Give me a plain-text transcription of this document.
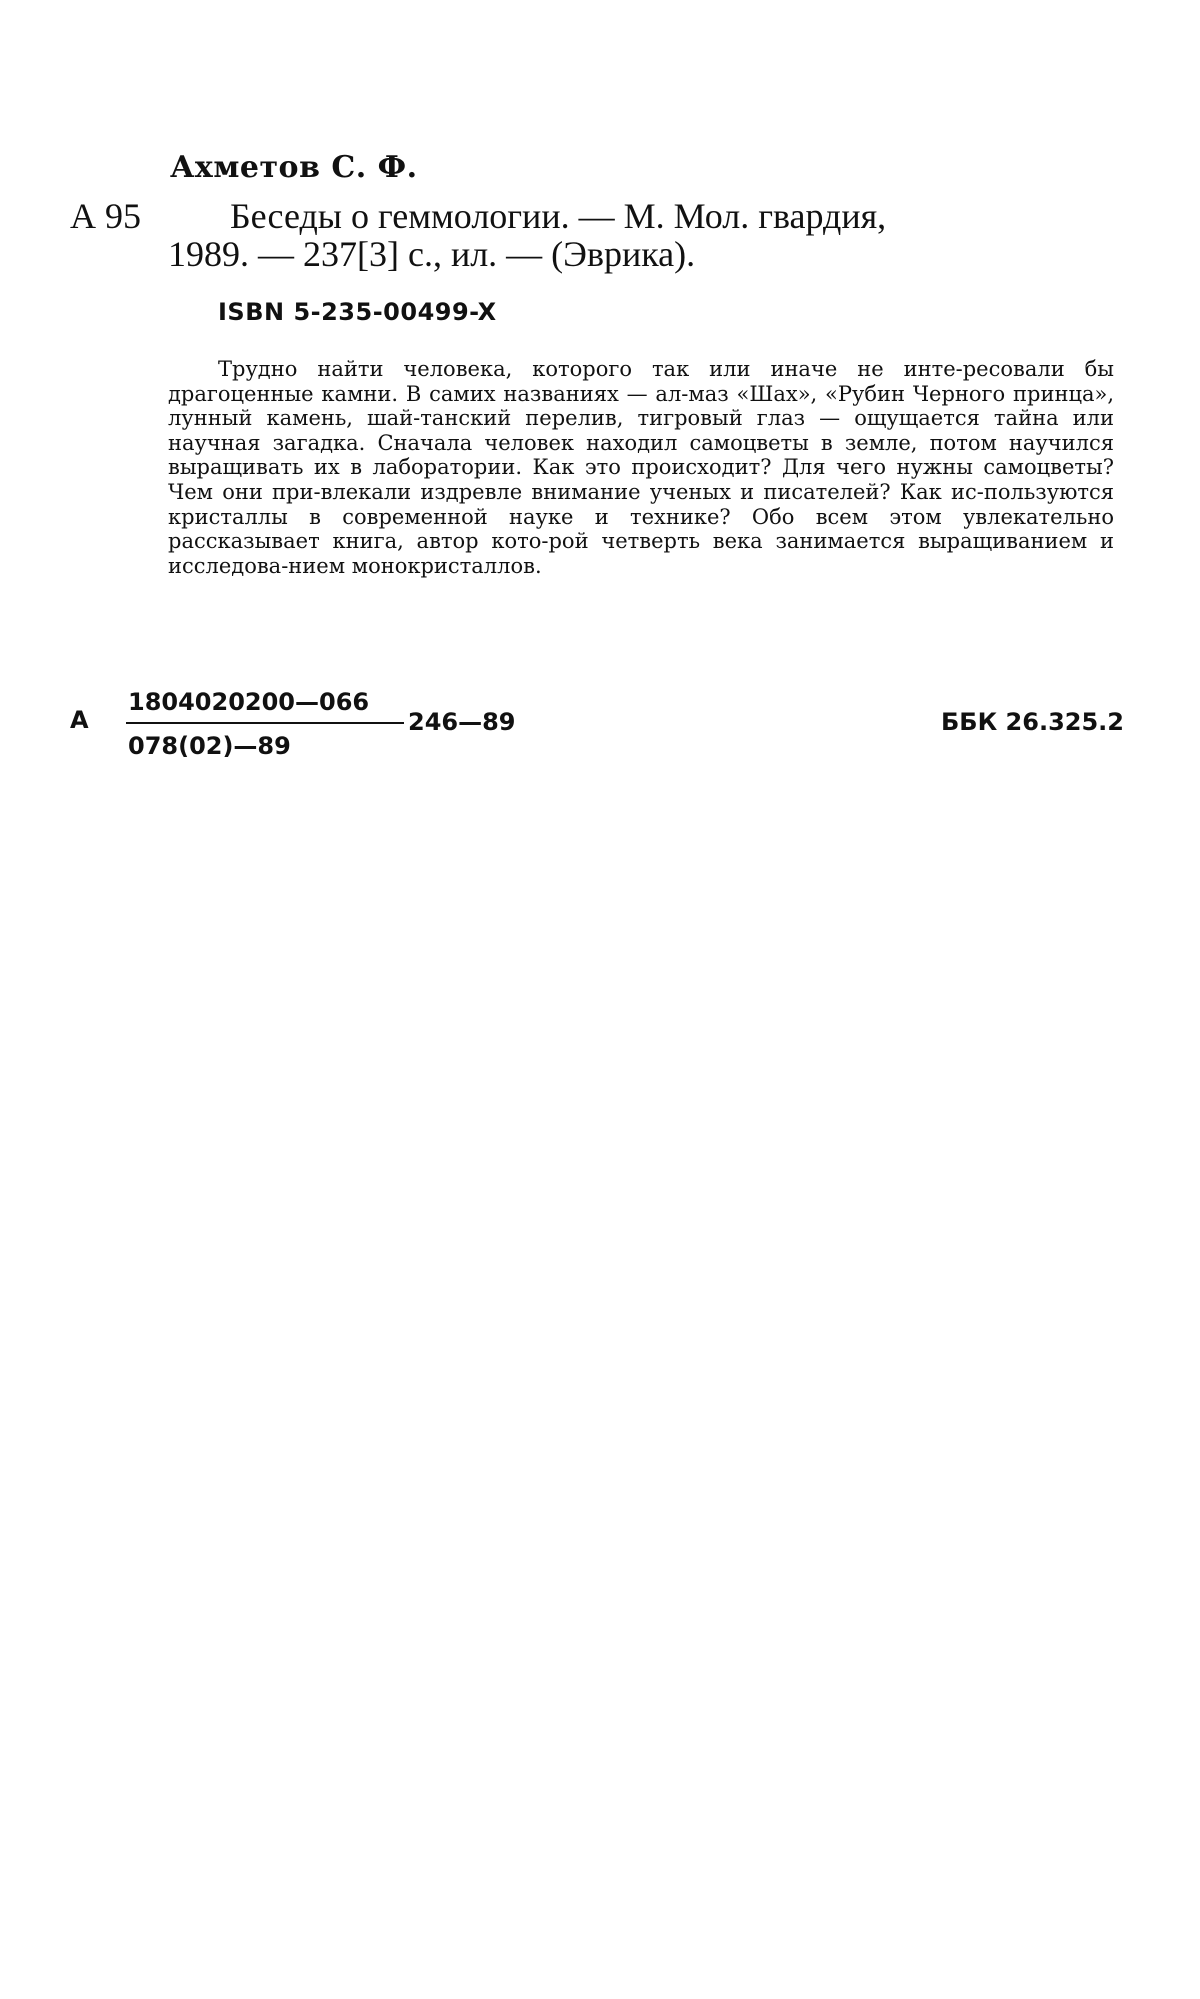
Ахметов С. Ф.
А 95 Беседы о геммологии. — М. Мол. гвардия,
1989. — 237[3] с., ил. — (Эврика).
ISBN 5-235-00499-X

Трудно найти человека, которого так или иначе не инте-ресовали бы драгоценные камни. В самих названиях — ал-маз «Шах», «Рубин Черного принца», лунный камень, шай-танский перелив, тигровый глаз — ощущается тайна или научная загадка. Сначала человек находил самоцветы в земле, потом научился выращивать их в лаборатории. Как это происходит? Для чего нужны самоцветы? Чем они при-влекали издревле внимание ученых и писателей? Как ис-пользуются кристаллы в современной науке и технике? Обо всем этом увлекательно рассказывает книга, автор кото-рой четверть века занимается выращиванием и исследова-нием монокристаллов.

А
1804020200—066
078(02)—89
246—89	ББК 26.325.2
